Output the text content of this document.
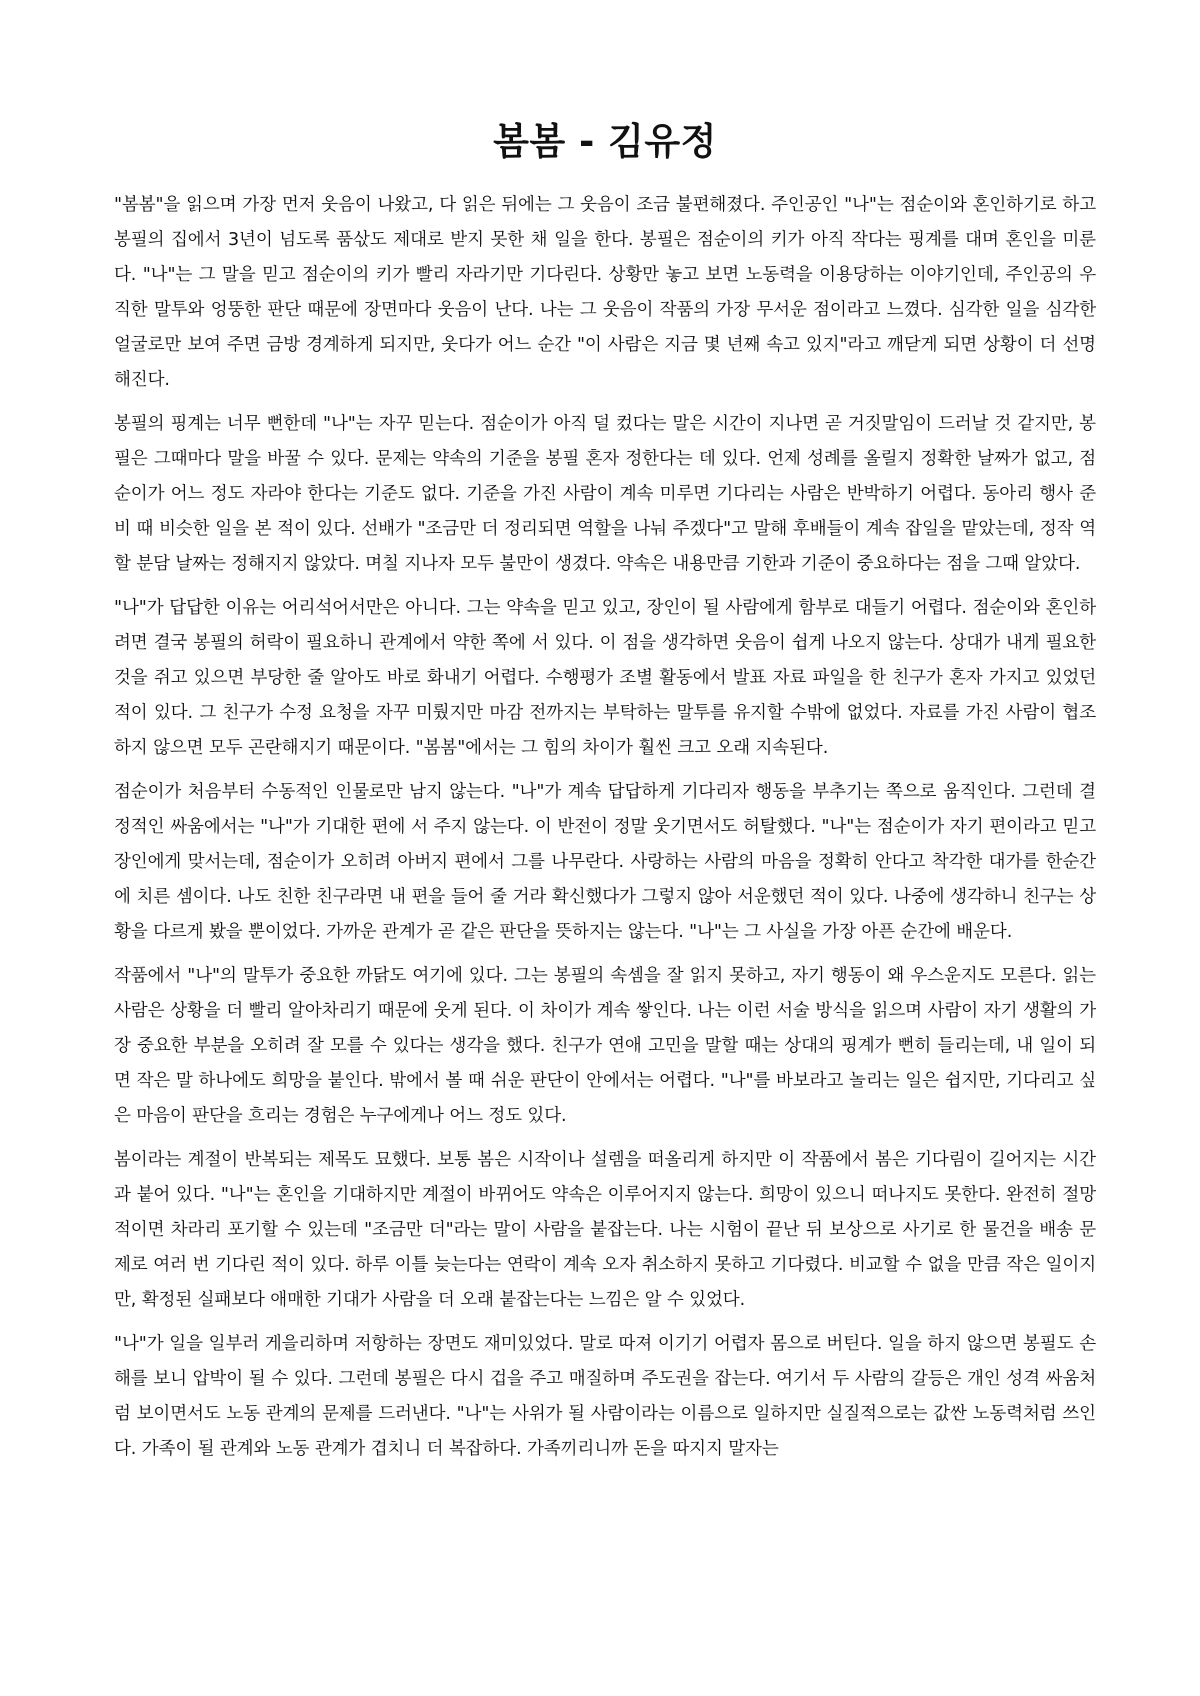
봄봄 - 김유정

"봄봄"을 읽으며 가장 먼저 웃음이 나왔고, 다 읽은 뒤에는 그 웃음이 조금 불편해졌다. 주인공인 "나"는 점순이와 혼인하기로 하고 봉필의 집에서 3년이 넘도록 품삯도 제대로 받지 못한 채 일을 한다. 봉필은 점순이의 키가 아직 작다는 핑계를 대며 혼인을 미룬다. "나"는 그 말을 믿고 점순이의 키가 빨리 자라기만 기다린다. 상황만 놓고 보면 노동력을 이용당하는 이야기인데, 주인공의 우직한 말투와 엉뚱한 판단 때문에 장면마다 웃음이 난다. 나는 그 웃음이 작품의 가장 무서운 점이라고 느꼈다. 심각한 일을 심각한 얼굴로만 보여 주면 금방 경계하게 되지만, 웃다가 어느 순간 "이 사람은 지금 몇 년째 속고 있지"라고 깨닫게 되면 상황이 더 선명해진다.

봉필의 핑계는 너무 뻔한데 "나"는 자꾸 믿는다. 점순이가 아직 덜 컸다는 말은 시간이 지나면 곧 거짓말임이 드러날 것 같지만, 봉필은 그때마다 말을 바꿀 수 있다. 문제는 약속의 기준을 봉필 혼자 정한다는 데 있다. 언제 성례를 올릴지 정확한 날짜가 없고, 점순이가 어느 정도 자라야 한다는 기준도 없다. 기준을 가진 사람이 계속 미루면 기다리는 사람은 반박하기 어렵다. 동아리 행사 준비 때 비슷한 일을 본 적이 있다. 선배가 "조금만 더 정리되면 역할을 나눠 주겠다"고 말해 후배들이 계속 잡일을 맡았는데, 정작 역할 분담 날짜는 정해지지 않았다. 며칠 지나자 모두 불만이 생겼다. 약속은 내용만큼 기한과 기준이 중요하다는 점을 그때 알았다.

"나"가 답답한 이유는 어리석어서만은 아니다. 그는 약속을 믿고 있고, 장인이 될 사람에게 함부로 대들기 어렵다. 점순이와 혼인하려면 결국 봉필의 허락이 필요하니 관계에서 약한 쪽에 서 있다. 이 점을 생각하면 웃음이 쉽게 나오지 않는다. 상대가 내게 필요한 것을 쥐고 있으면 부당한 줄 알아도 바로 화내기 어렵다. 수행평가 조별 활동에서 발표 자료 파일을 한 친구가 혼자 가지고 있었던 적이 있다. 그 친구가 수정 요청을 자꾸 미뤘지만 마감 전까지는 부탁하는 말투를 유지할 수밖에 없었다. 자료를 가진 사람이 협조하지 않으면 모두 곤란해지기 때문이다. "봄봄"에서는 그 힘의 차이가 훨씬 크고 오래 지속된다.

점순이가 처음부터 수동적인 인물로만 남지 않는다. "나"가 계속 답답하게 기다리자 행동을 부추기는 쪽으로 움직인다. 그런데 결정적인 싸움에서는 "나"가 기대한 편에 서 주지 않는다. 이 반전이 정말 웃기면서도 허탈했다. "나"는 점순이가 자기 편이라고 믿고 장인에게 맞서는데, 점순이가 오히려 아버지 편에서 그를 나무란다. 사랑하는 사람의 마음을 정확히 안다고 착각한 대가를 한순간에 치른 셈이다. 나도 친한 친구라면 내 편을 들어 줄 거라 확신했다가 그렇지 않아 서운했던 적이 있다. 나중에 생각하니 친구는 상황을 다르게 봤을 뿐이었다. 가까운 관계가 곧 같은 판단을 뜻하지는 않는다. "나"는 그 사실을 가장 아픈 순간에 배운다.

작품에서 "나"의 말투가 중요한 까닭도 여기에 있다. 그는 봉필의 속셈을 잘 읽지 못하고, 자기 행동이 왜 우스운지도 모른다. 읽는 사람은 상황을 더 빨리 알아차리기 때문에 웃게 된다. 이 차이가 계속 쌓인다. 나는 이런 서술 방식을 읽으며 사람이 자기 생활의 가장 중요한 부분을 오히려 잘 모를 수 있다는 생각을 했다. 친구가 연애 고민을 말할 때는 상대의 핑계가 뻔히 들리는데, 내 일이 되면 작은 말 하나에도 희망을 붙인다. 밖에서 볼 때 쉬운 판단이 안에서는 어렵다. "나"를 바보라고 놀리는 일은 쉽지만, 기다리고 싶은 마음이 판단을 흐리는 경험은 누구에게나 어느 정도 있다.

봄이라는 계절이 반복되는 제목도 묘했다. 보통 봄은 시작이나 설렘을 떠올리게 하지만 이 작품에서 봄은 기다림이 길어지는 시간과 붙어 있다. "나"는 혼인을 기대하지만 계절이 바뀌어도 약속은 이루어지지 않는다. 희망이 있으니 떠나지도 못한다. 완전히 절망적이면 차라리 포기할 수 있는데 "조금만 더"라는 말이 사람을 붙잡는다. 나는 시험이 끝난 뒤 보상으로 사기로 한 물건을 배송 문제로 여러 번 기다린 적이 있다. 하루 이틀 늦는다는 연락이 계속 오자 취소하지 못하고 기다렸다. 비교할 수 없을 만큼 작은 일이지만, 확정된 실패보다 애매한 기대가 사람을 더 오래 붙잡는다는 느낌은 알 수 있었다.

"나"가 일을 일부러 게을리하며 저항하는 장면도 재미있었다. 말로 따져 이기기 어렵자 몸으로 버틴다. 일을 하지 않으면 봉필도 손해를 보니 압박이 될 수 있다. 그런데 봉필은 다시 겁을 주고 매질하며 주도권을 잡는다. 여기서 두 사람의 갈등은 개인 성격 싸움처럼 보이면서도 노동 관계의 문제를 드러낸다. "나"는 사위가 될 사람이라는 이름으로 일하지만 실질적으로는 값싼 노동력처럼 쓰인다. 가족이 될 관계와 노동 관계가 겹치니 더 복잡하다. 가족끼리니까 돈을 따지지 말자는
